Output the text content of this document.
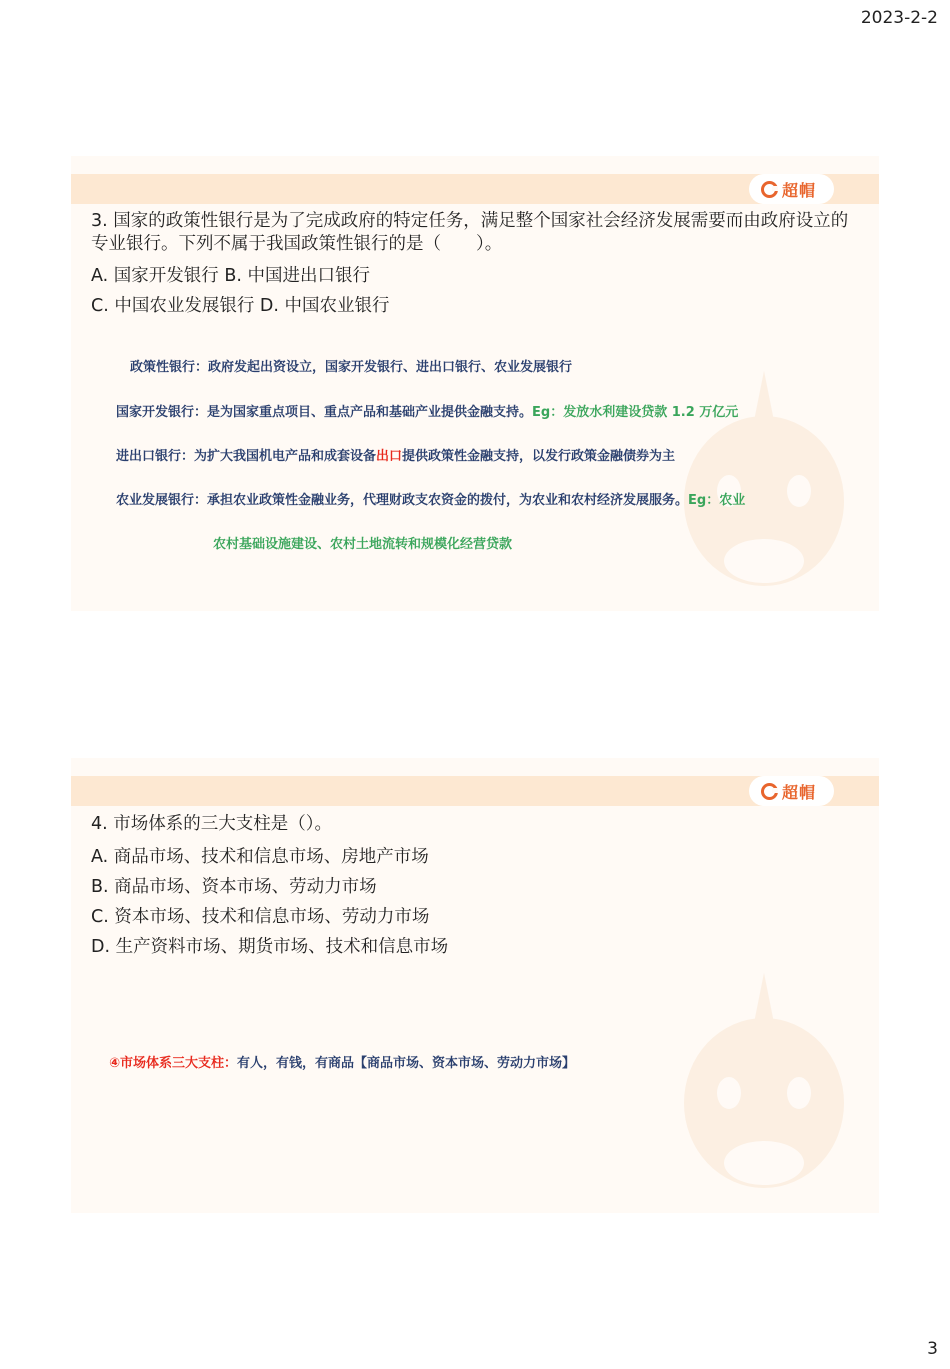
2023-2-2
超帽
3. 国家的政策性银行是为了完成政府的特定任务，满足整个国家社会经济发展需要而由政府设立的专业银行。下列不属于我国政策性银行的是（　　）。
A. 国家开发银行 B. 中国进出口银行
C. 中国农业发展银行 D. 中国农业银行
政策性银行：政府发起出资设立，国家开发银行、进出口银行、农业发展银行
国家开发银行：是为国家重点项目、重点产品和基础产业提供金融支持。Eg：发放水利建设贷款 1.2 万亿元
进出口银行：为扩大我国机电产品和成套设备出口提供政策性金融支持，以发行政策金融债券为主
农业发展银行：承担农业政策性金融业务，代理财政支农资金的拨付，为农业和农村经济发展服务。Eg：农业
农村基础设施建设、农村土地流转和规模化经营贷款
超帽
4. 市场体系的三大支柱是（）。
A. 商品市场、技术和信息市场、房地产市场
B. 商品市场、资本市场、劳动力市场
C. 资本市场、技术和信息市场、劳动力市场
D. 生产资料市场、期货市场、技术和信息市场
④市场体系三大支柱：有人，有钱，有商品【商品市场、资本市场、劳动力市场】
3
